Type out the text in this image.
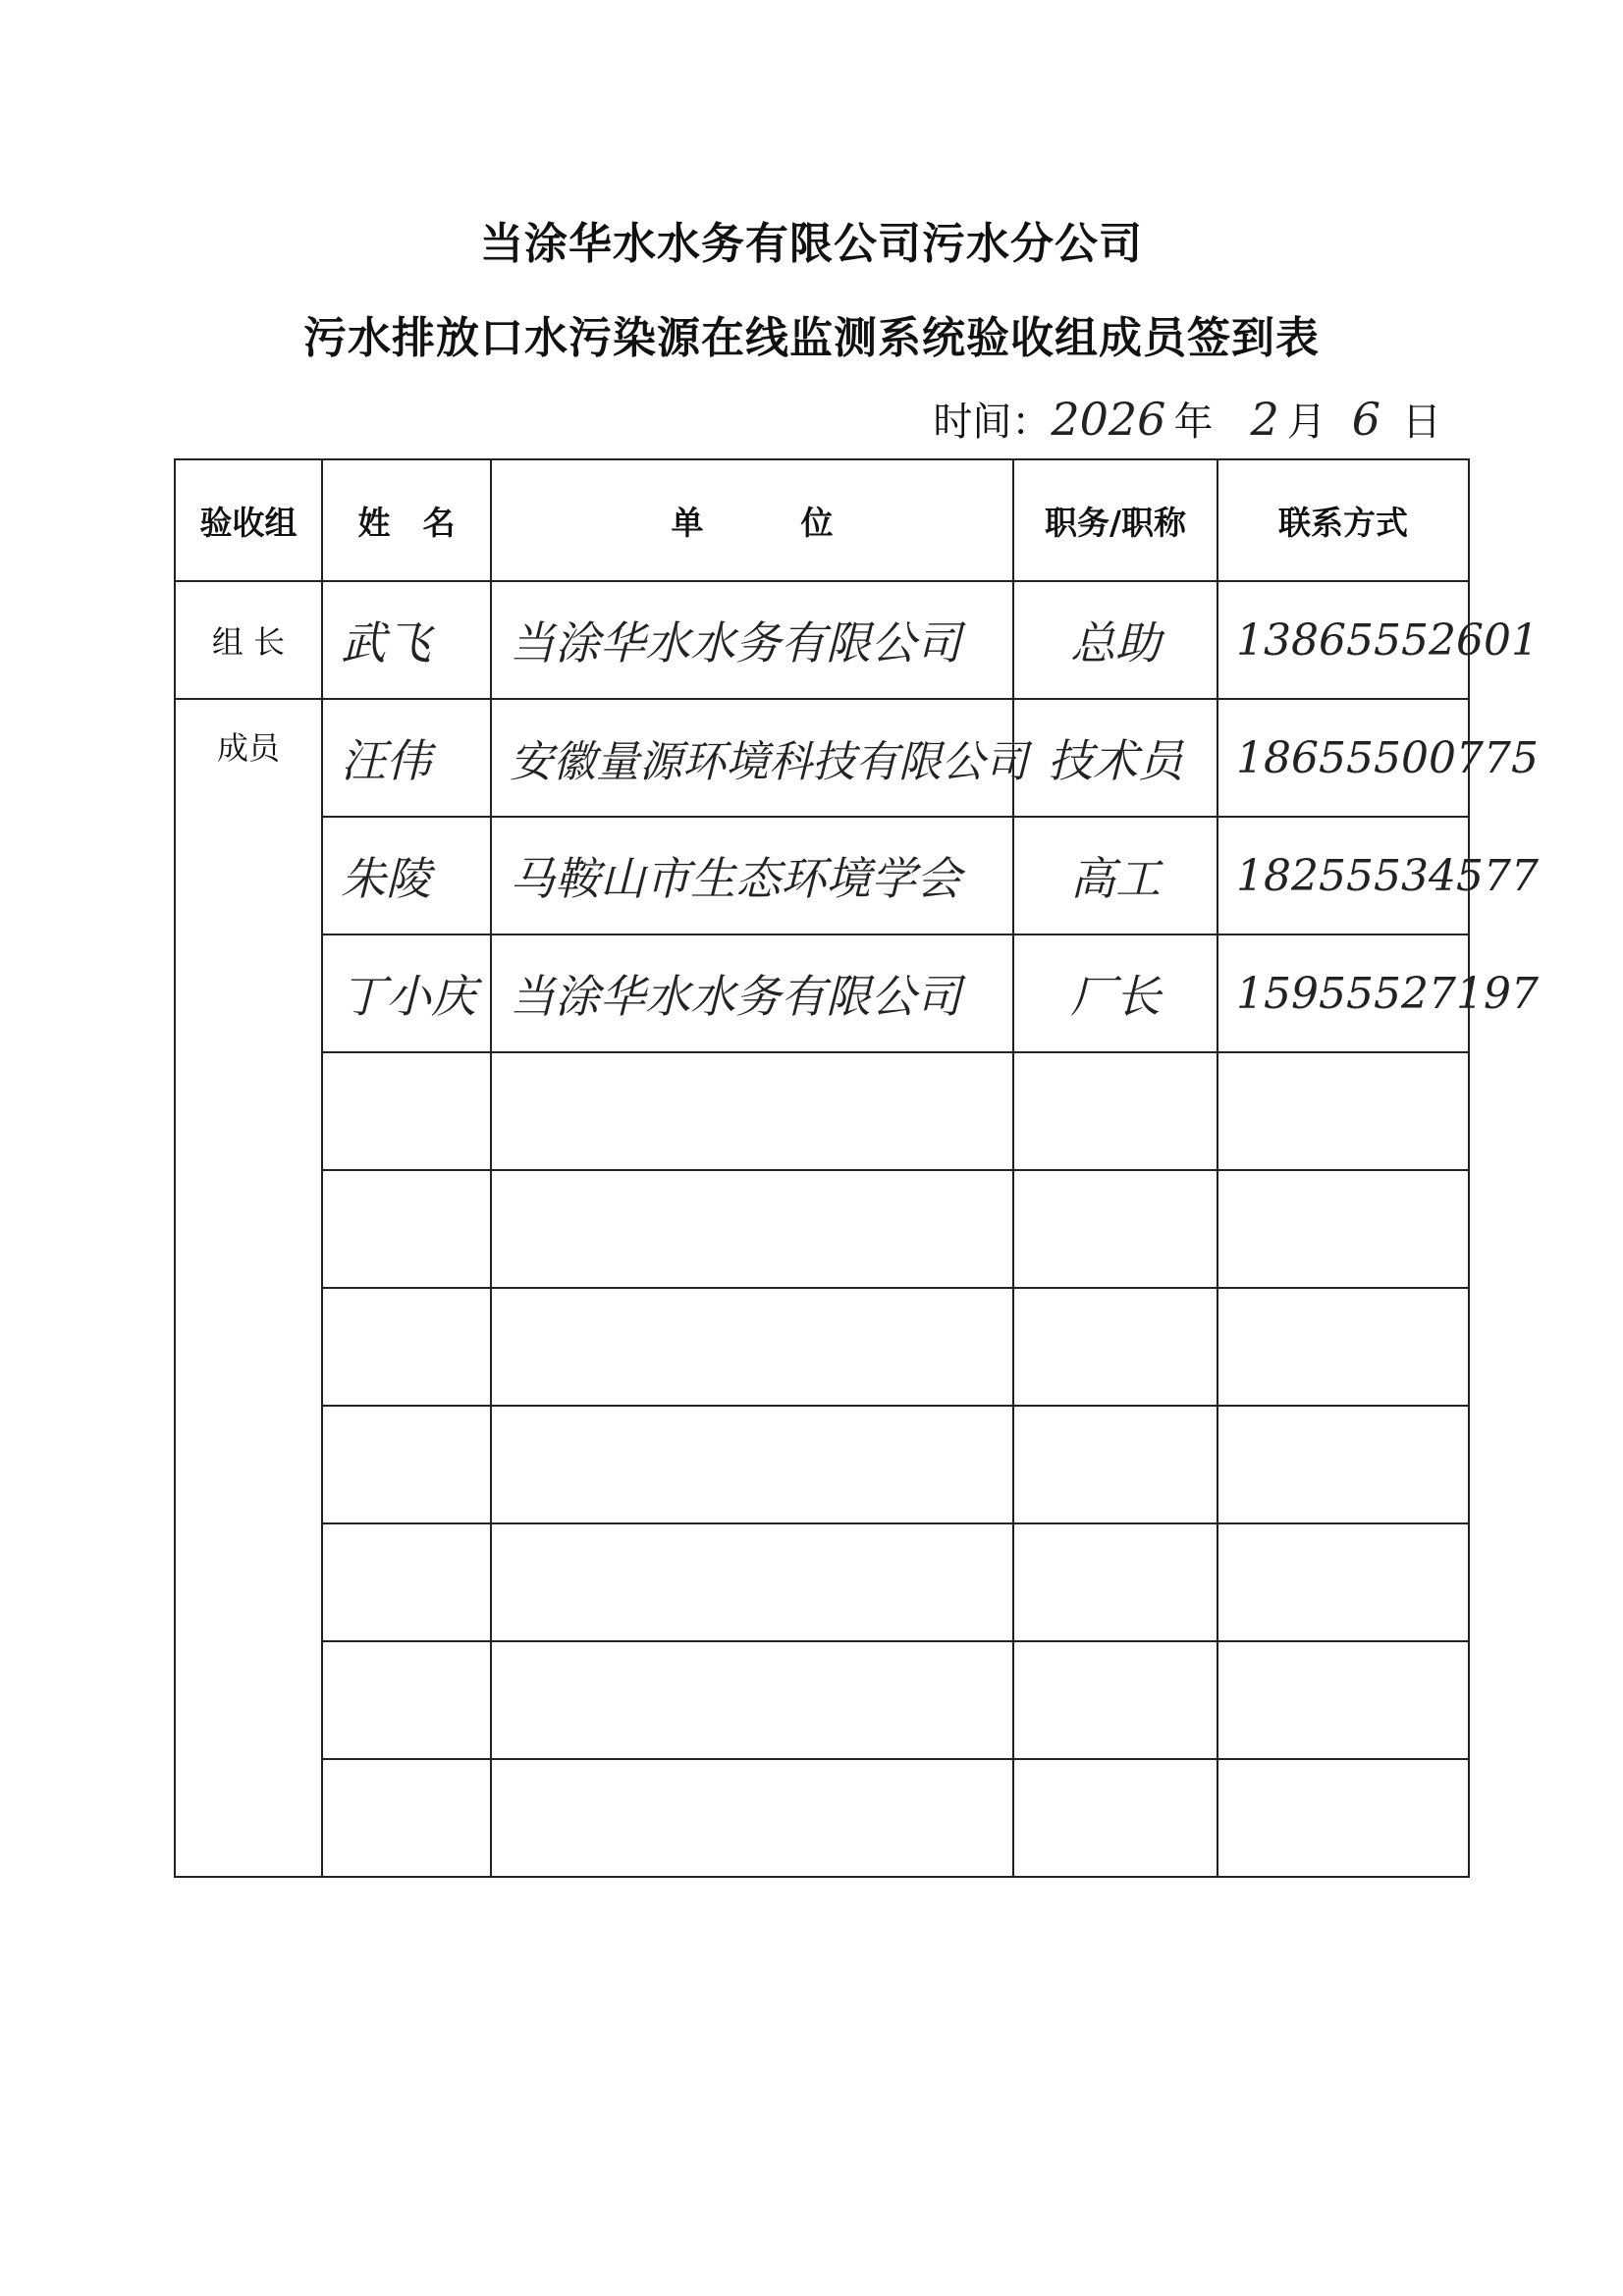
当涂华水水务有限公司污水分公司
污水排放口水污染源在线监测系统验收组成员签到表
时间： 2026 年 2 月 6 日
验收组	姓　名	单　　　位	职务/职称	联系方式
组 长	武飞	当涂华水水务有限公司	总助	13865552601
成员	汪伟	安徽量源环境科技有限公司	技术员	18655500775
	朱陵	马鞍山市生态环境学会	高工	18255534577
	丁小庆	当涂华水水务有限公司	厂长	15955527197
